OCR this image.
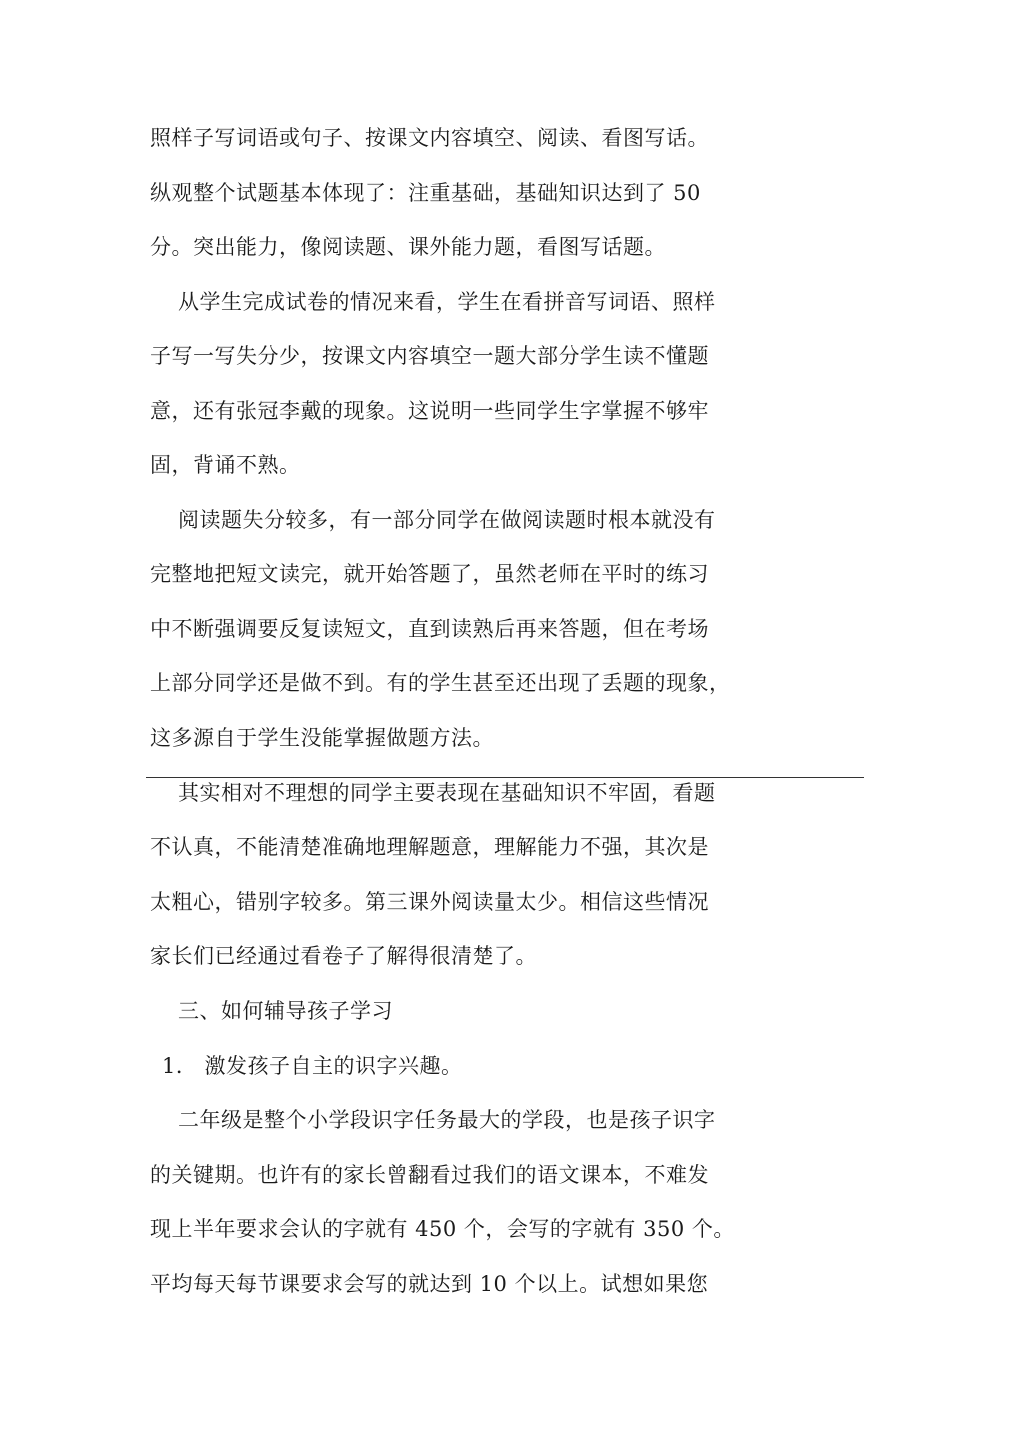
照样子写词语或句子、按课文内容填空、阅读、看图写话。
纵观整个试题基本体现了：注重基础，基础知识达到了 50
分。突出能力，像阅读题、课外能力题，看图写话题。
从学生完成试卷的情况来看，学生在看拼音写词语、照样
子写一写失分少，按课文内容填空一题大部分学生读不懂题
意，还有张冠李戴的现象。这说明一些同学生字掌握不够牢
固，背诵不熟。
阅读题失分较多，有一部分同学在做阅读题时根本就没有
完整地把短文读完，就开始答题了，虽然老师在平时的练习
中不断强调要反复读短文，直到读熟后再来答题，但在考场
上部分同学还是做不到。有的学生甚至还出现了丢题的现象，
这多源自于学生没能掌握做题方法。
其实相对不理想的同学主要表现在基础知识不牢固，看题
不认真，不能清楚准确地理解题意，理解能力不强，其次是
太粗心，错别字较多。第三课外阅读量太少。相信这些情况
家长们已经通过看卷子了解得很清楚了。
三、如何辅导孩子学习
1． 激发孩子自主的识字兴趣。
二年级是整个小学段识字任务最大的学段，也是孩子识字
的关键期。也许有的家长曾翻看过我们的语文课本，不难发
现上半年要求会认的字就有 450 个，会写的字就有 350 个。
平均每天每节课要求会写的就达到 10 个以上。试想如果您
